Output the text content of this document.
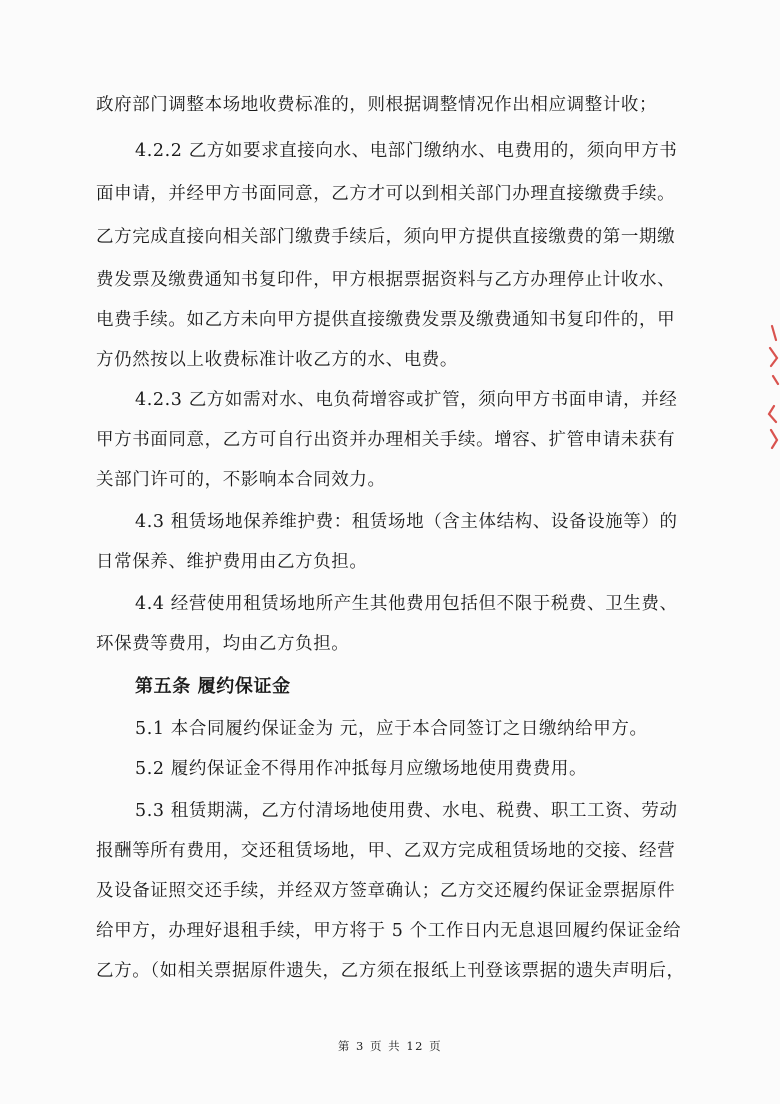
政府部门调整本场地收费标准的，则根据调整情况作出相应调整计收；
4.2.2 乙方如要求直接向水、电部门缴纳水、电费用的，须向甲方书
面申请，并经甲方书面同意，乙方才可以到相关部门办理直接缴费手续。
乙方完成直接向相关部门缴费手续后，须向甲方提供直接缴费的第一期缴
费发票及缴费通知书复印件，甲方根据票据资料与乙方办理停止计收水、
电费手续。如乙方未向甲方提供直接缴费发票及缴费通知书复印件的，甲
方仍然按以上收费标准计收乙方的水、电费。
4.2.3 乙方如需对水、电负荷增容或扩管，须向甲方书面申请，并经
甲方书面同意，乙方可自行出资并办理相关手续。增容、扩管申请未获有
关部门许可的，不影响本合同效力。
4.3 租赁场地保养维护费：租赁场地（含主体结构、设备设施等）的
日常保养、维护费用由乙方负担。
4.4 经营使用租赁场地所产生其他费用包括但不限于税费、卫生费、
环保费等费用，均由乙方负担。
第五条 履约保证金
5.1 本合同履约保证金为 元，应于本合同签订之日缴纳给甲方。
5.2 履约保证金不得用作冲抵每月应缴场地使用费费用。
5.3 租赁期满，乙方付清场地使用费、水电、税费、职工工资、劳动
报酬等所有费用，交还租赁场地，甲、乙双方完成租赁场地的交接、经营
及设备证照交还手续，并经双方签章确认；乙方交还履约保证金票据原件
给甲方，办理好退租手续，甲方将于 5 个工作日内无息退回履约保证金给
乙方。（如相关票据原件遗失，乙方须在报纸上刊登该票据的遗失声明后，
第 3 页 共 12 页
